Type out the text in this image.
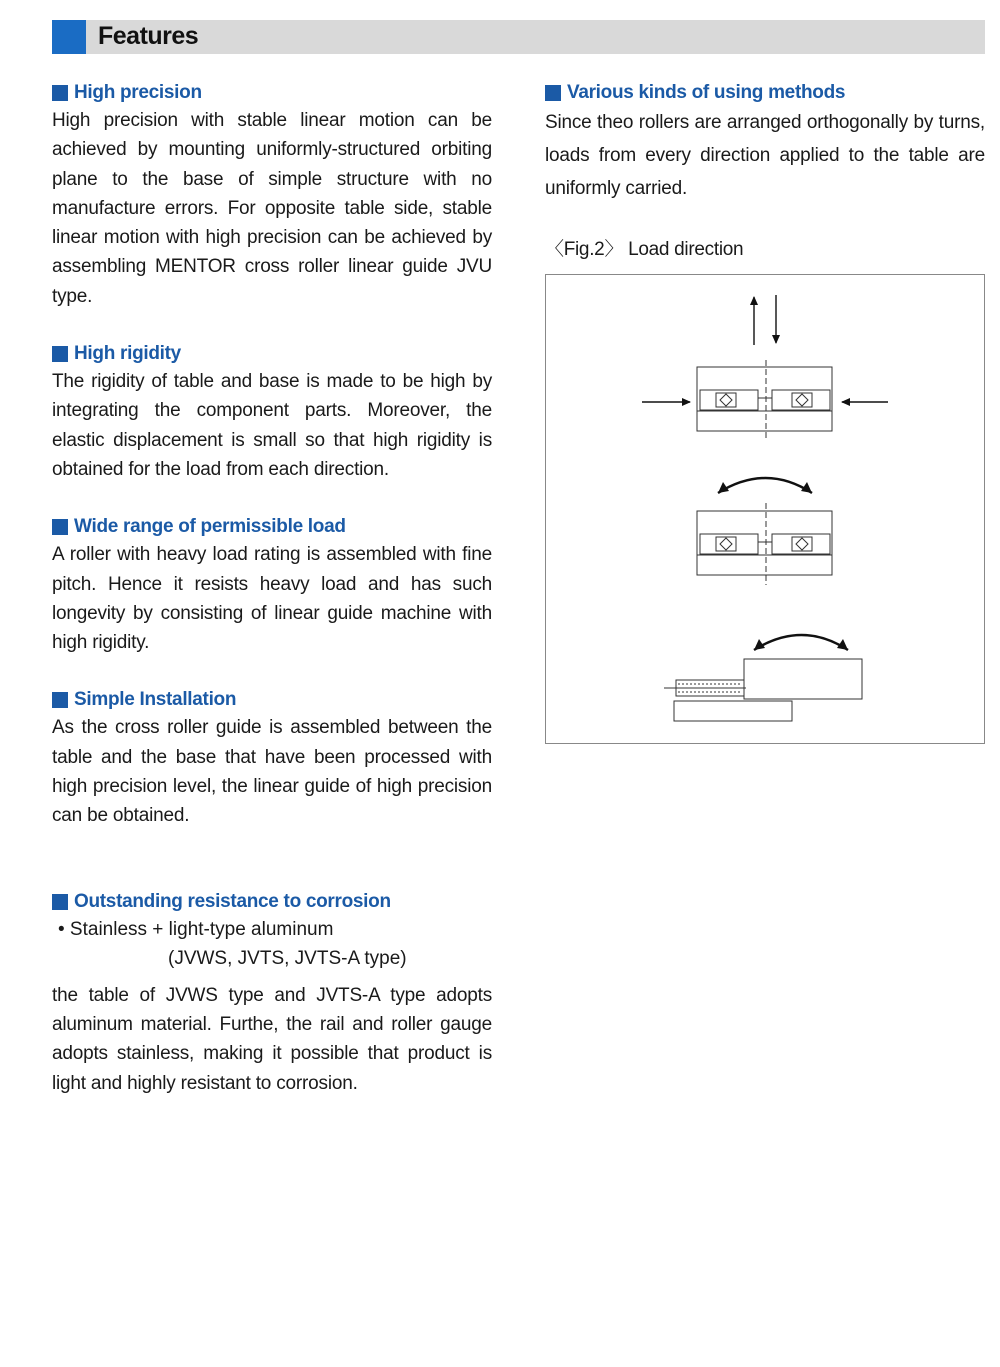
Features
High precision
High precision with stable linear motion can be achieved by mounting uniformly-structured orbiting plane to the base of simple structure with no manufacture errors. For opposite table side, stable linear motion with high precision can be achieved by assembling MENTOR cross roller linear guide JVU type.
High rigidity
The rigidity of table and base is made to be high by integrating the component parts. Moreover, the elastic displacement is small so that high rigidity is obtained for the load from each direction.
Wide range of permissible load
A roller with heavy load rating is assembled with fine pitch. Hence it resists heavy load and has such longevity by consisting of linear guide machine with high rigidity.
Simple Installation
As the cross roller guide is assembled between the table and the base that have been processed with high precision level, the linear guide of high precision can be obtained.
Outstanding resistance to corrosion
• Stainless + light-type aluminum
(JVWS, JVTS, JVTS-A type)
the table of JVWS type and JVTS-A type adopts aluminum material. Furthe, the rail and roller gauge adopts stainless, making it possible that product is light and highly resistant to corrosion.
Various kinds of using methods
Since theo rollers are arranged orthogonally by turns, loads from every direction applied to the table are uniformly carried.
〈Fig.2〉 Load direction
